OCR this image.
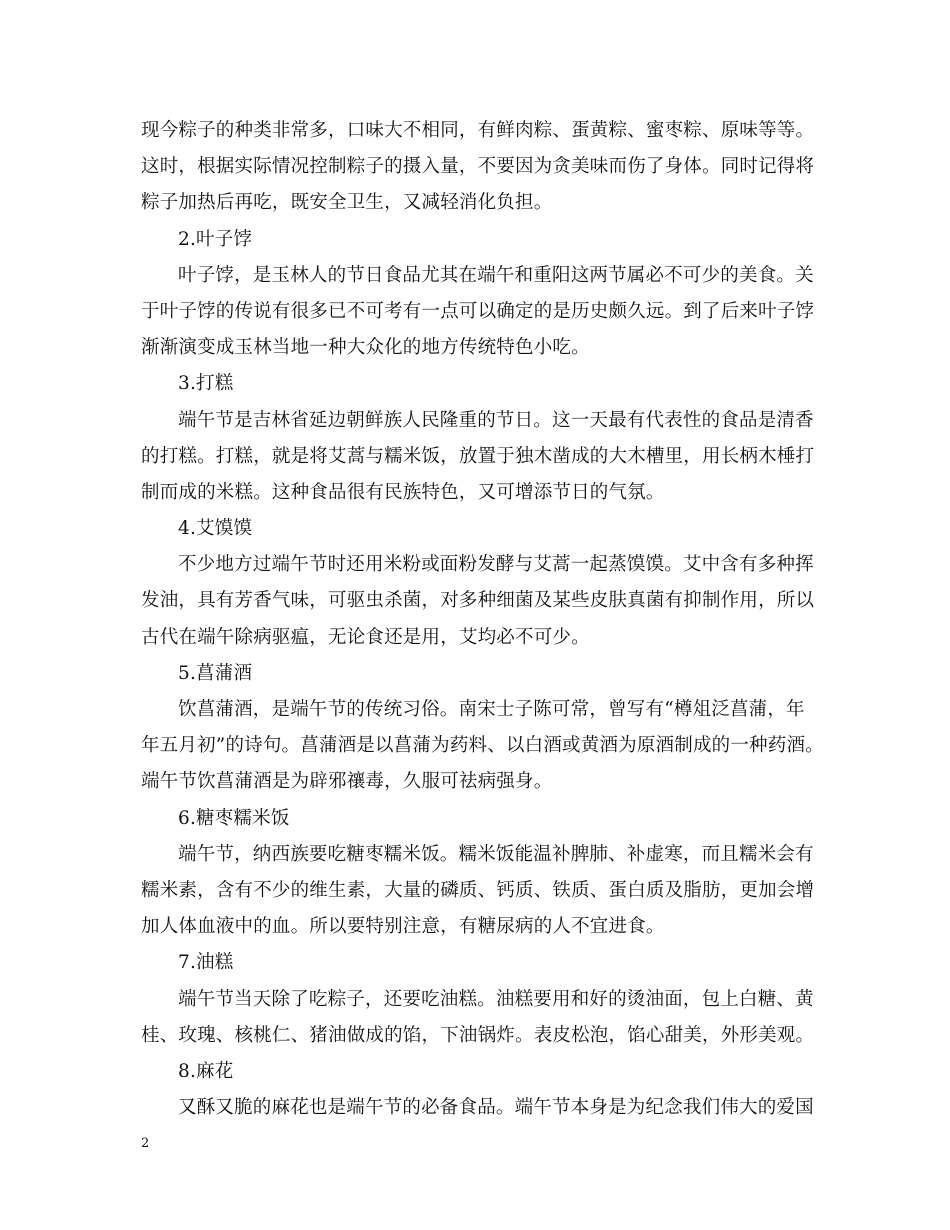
现今粽子的种类非常多，口味大不相同，有鲜肉粽、蛋黄粽、蜜枣粽、原味等等。
这时，根据实际情况控制粽子的摄入量，不要因为贪美味而伤了身体。同时记得将
粽子加热后再吃，既安全卫生，又减轻消化负担。
2.叶子饽
叶子饽，是玉林人的节日食品尤其在端午和重阳这两节属必不可少的美食。关
于叶子饽的传说有很多已不可考有一点可以确定的是历史颇久远。到了后来叶子饽
渐渐演变成玉林当地一种大众化的地方传统特色小吃。
3.打糕
端午节是吉林省延边朝鲜族人民隆重的节日。这一天最有代表性的食品是清香
的打糕。打糕，就是将艾蒿与糯米饭，放置于独木凿成的大木槽里，用长柄木棰打
制而成的米糕。这种食品很有民族特色，又可增添节日的气氛。
4.艾馍馍
不少地方过端午节时还用米粉或面粉发酵与艾蒿一起蒸馍馍。艾中含有多种挥
发油，具有芳香气味，可驱虫杀菌，对多种细菌及某些皮肤真菌有抑制作用，所以
古代在端午除病驱瘟，无论食还是用，艾均必不可少。
5.菖蒲酒
饮菖蒲酒，是端午节的传统习俗。南宋士子陈可常，曾写有“樽俎泛菖蒲，年
年五月初”的诗句。菖蒲酒是以菖蒲为药料、以白酒或黄酒为原酒制成的一种药酒。
端午节饮菖蒲酒是为辟邪禳毒，久服可祛病强身。
6.糖枣糯米饭
端午节，纳西族要吃糖枣糯米饭。糯米饭能温补脾肺、补虚寒，而且糯米会有
糯米素，含有不少的维生素，大量的磷质、钙质、铁质、蛋白质及脂肪，更加会增
加人体血液中的血。所以要特别注意，有糖尿病的人不宜进食。
7.油糕
端午节当天除了吃粽子，还要吃油糕。油糕要用和好的烫油面，包上白糖、黄
桂、玫瑰、核桃仁、猪油做成的馅，下油锅炸。表皮松泡，馅心甜美，外形美观。
8.麻花
又酥又脆的麻花也是端午节的必备食品。端午节本身是为纪念我们伟大的爱国
2
